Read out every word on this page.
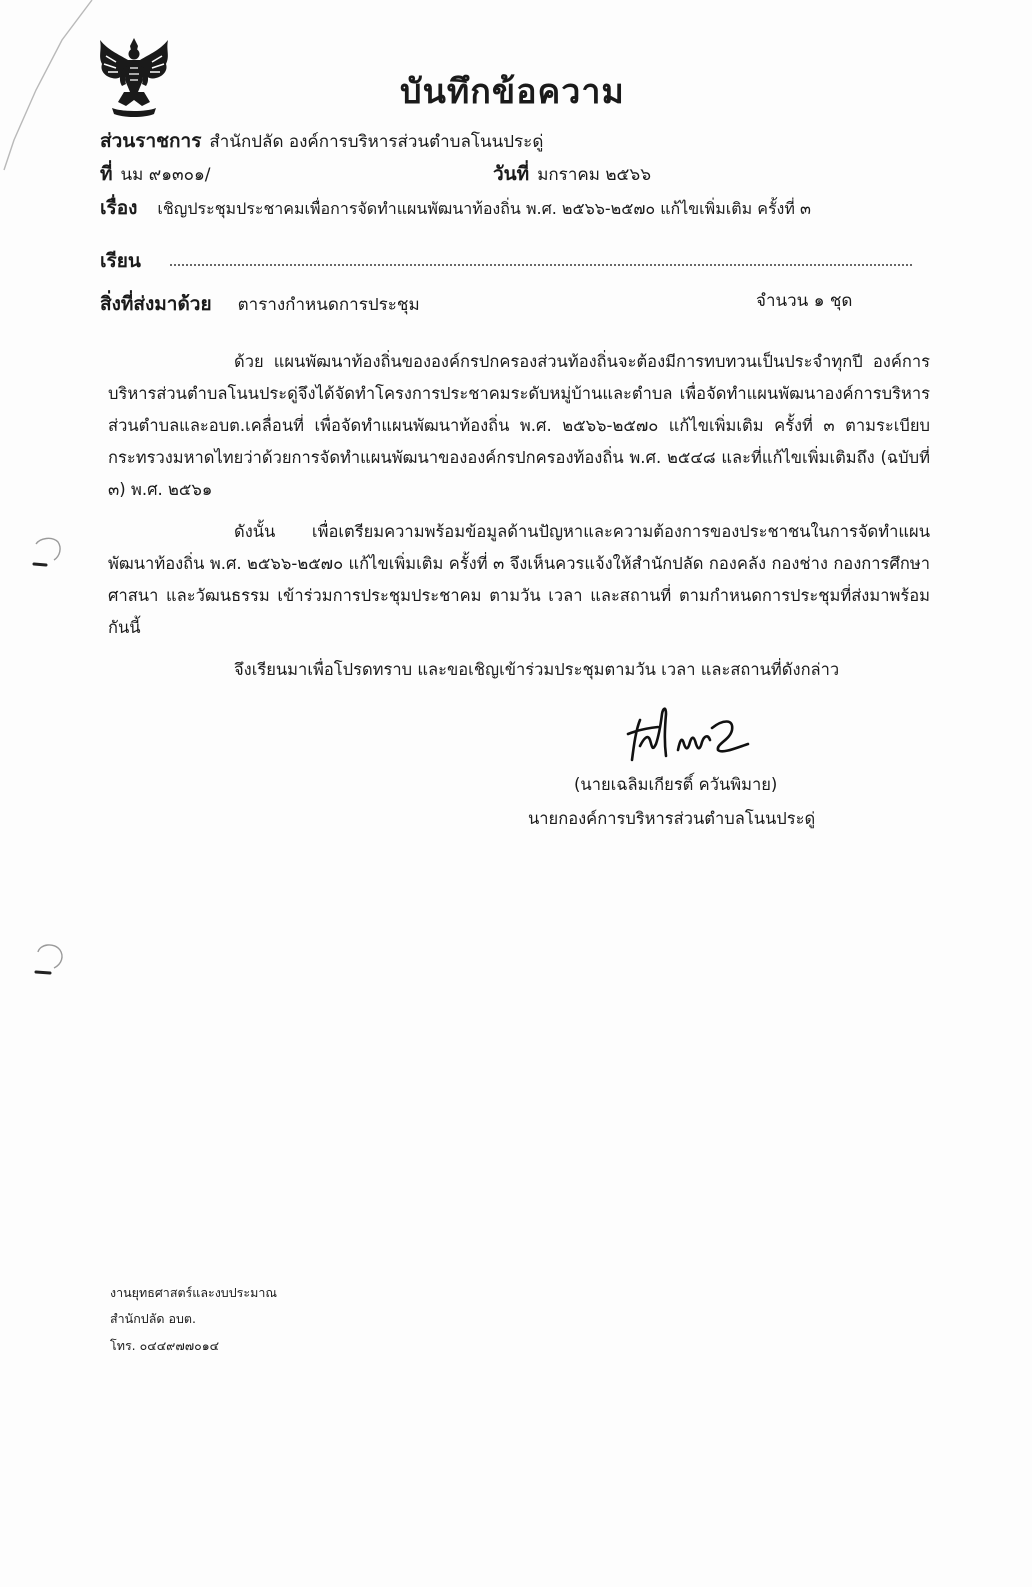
บันทึกข้อความ
ส่วนราชการ สำนักปลัด องค์การบริหารส่วนตำบลโนนประดู่
ที่ นม ๙๑๓๐๑/	วันที่ มกราคม ๒๕๖๖
เรื่อง เชิญประชุมประชาคมเพื่อการจัดทำแผนพัฒนาท้องถิ่น พ.ศ. ๒๕๖๖-๒๕๗๐ แก้ไขเพิ่มเติม ครั้งที่ ๓
เรียน
สิ่งที่ส่งมาด้วย ตารางกำหนดการประชุม	จำนวน ๑ ชุด

ด้วย แผนพัฒนาท้องถิ่นขององค์กรปกครองส่วนท้องถิ่นจะต้องมีการทบทวนเป็นประจำทุกปี องค์การบริหารส่วนตำบลโนนประดู่จึงได้จัดทำโครงการประชาคมระดับหมู่บ้านและตำบล เพื่อจัดทำแผนพัฒนาองค์การบริหารส่วนตำบลและอบต.เคลื่อนที่ เพื่อจัดทำแผนพัฒนาท้องถิ่น พ.ศ. ๒๕๖๖-๒๕๗๐ แก้ไขเพิ่มเติม ครั้งที่ ๓ ตามระเบียบกระทรวงมหาดไทยว่าด้วยการจัดทำแผนพัฒนาขององค์กรปกครองท้องถิ่น พ.ศ. ๒๕๔๘ และที่แก้ไขเพิ่มเติมถึง (ฉบับที่ ๓) พ.ศ. ๒๕๖๑

ดังนั้น เพื่อเตรียมความพร้อมข้อมูลด้านปัญหาและความต้องการของประชาชนในการจัดทำแผนพัฒนาท้องถิ่น พ.ศ. ๒๕๖๖-๒๕๗๐ แก้ไขเพิ่มเติม ครั้งที่ ๓ จึงเห็นควรแจ้งให้สำนักปลัด กองคลัง กองช่าง กองการศึกษา ศาสนา และวัฒนธรรม เข้าร่วมการประชุมประชาคม ตามวัน เวลา และสถานที่ ตามกำหนดการประชุมที่ส่งมาพร้อมกันนี้

จึงเรียนมาเพื่อโปรดทราบ และขอเชิญเข้าร่วมประชุมตามวัน เวลา และสถานที่ดังกล่าว

(นายเฉลิมเกียรติ์ ควันพิมาย)
นายกองค์การบริหารส่วนตำบลโนนประดู่
งานยุทธศาสตร์และงบประมาณ
สำนักปลัด อบต.
โทร. ๐๔๔๙๗๗๐๑๔
